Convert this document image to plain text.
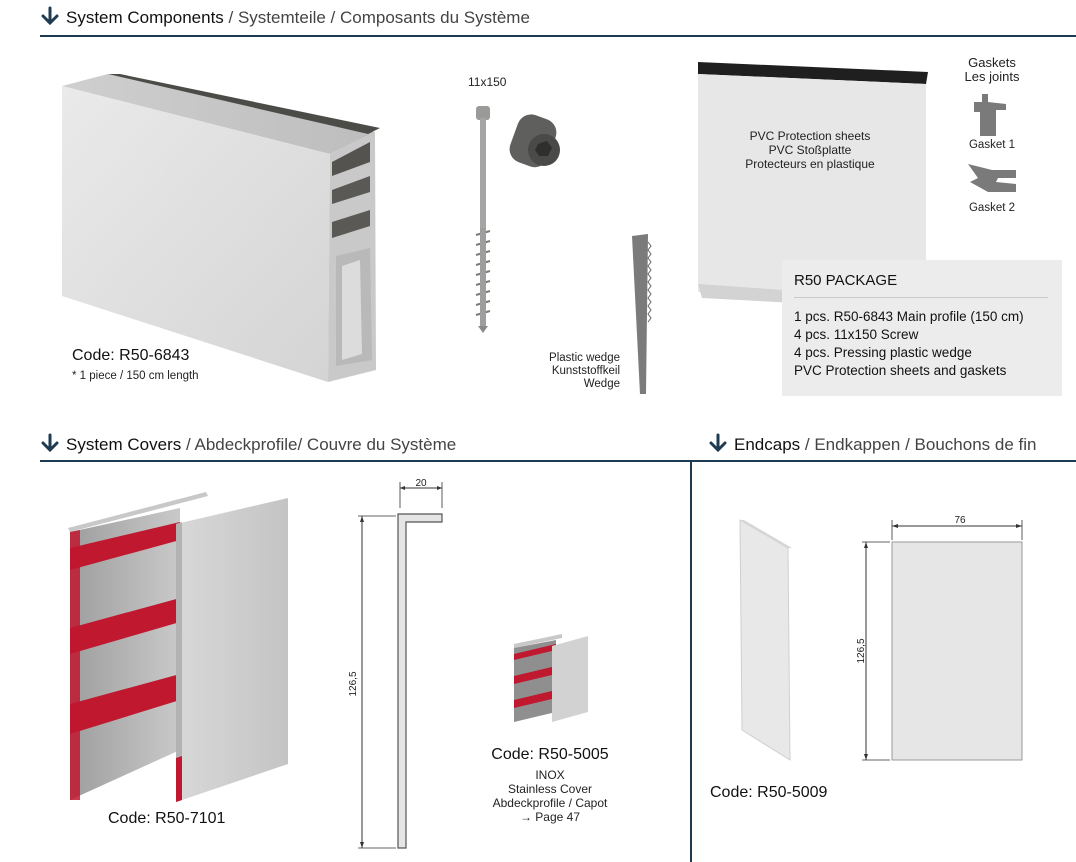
System Components / Systemteile / Composants du Système
Code: R50-6843
* 1 piece / 150 cm length
11x150
Plastic wedge
Kunststoffkeil
Wedge
PVC Protection sheets
PVC Stoßplatte
Protecteurs en plastique
Gaskets
Les joints
Gasket 1
Gasket 2
R50 PACKAGE
1 pcs. R50-6843 Main profile (150 cm)
4 pcs. 11x150 Screw
4 pcs. Pressing plastic wedge
PVC Protection sheets and gaskets
System Covers / Abdeckprofile/ Couvre du Système	Endcaps / Endkappen / Bouchons de fin
Code: R50-7101
20
126,5
Code: R50-5005
INOX
Stainless Cover
Abdeckprofile / Capot
→ Page 47
Code: R50-5009
76
126,5
